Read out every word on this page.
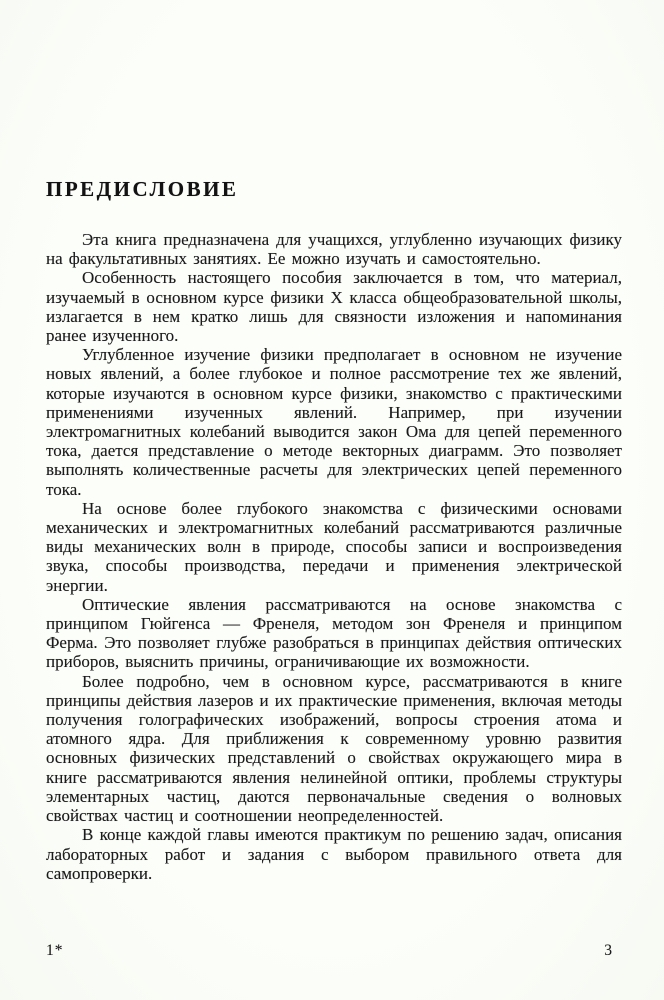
ПРЕДИСЛОВИЕ

Эта книга предназначена для учащихся, углубленно изучающих физику на факультативных занятиях. Ее можно изучать и самостоятельно.

Особенность настоящего пособия заключается в том, что материал, изучаемый в основном курсе физики X класса общеобразовательной школы, излагается в нем кратко лишь для связности изложения и напоминания ранее изученного.

Углубленное изучение физики предполагает в основном не изучение новых явлений, а более глубокое и полное рассмотрение тех же явлений, которые изучаются в основном курсе физики, знакомство с практическими применениями изученных явлений. Например, при изучении электромагнитных колебаний выводится закон Ома для цепей переменного тока, дается представление о методе векторных диаграмм. Это позволяет выполнять количественные расчеты для электрических цепей переменного тока.

На основе более глубокого знакомства с физическими основами механических и электромагнитных колебаний рассматриваются различные виды механических волн в природе, способы записи и воспроизведения звука, способы производства, передачи и применения электрической энергии.

Оптические явления рассматриваются на основе знакомства с принципом Гюйгенса — Френеля, методом зон Френеля и принципом Ферма. Это позволяет глубже разобраться в принципах действия оптических приборов, выяснить причины, ограничивающие их возможности.

Более подробно, чем в основном курсе, рассматриваются в книге принципы действия лазеров и их практические применения, включая методы получения голографических изображений, вопросы строения атома и атомного ядра. Для приближения к современному уровню развития основных физических представлений о свойствах окружающего мира в книге рассматриваются явления нелинейной оптики, проблемы структуры элементарных частиц, даются первоначальные сведения о волновых свойствах частиц и соотношении неопределенностей.

В конце каждой главы имеются практикум по решению задач, описания лабораторных работ и задания с выбором правильного ответа для самопроверки.

1*	3
